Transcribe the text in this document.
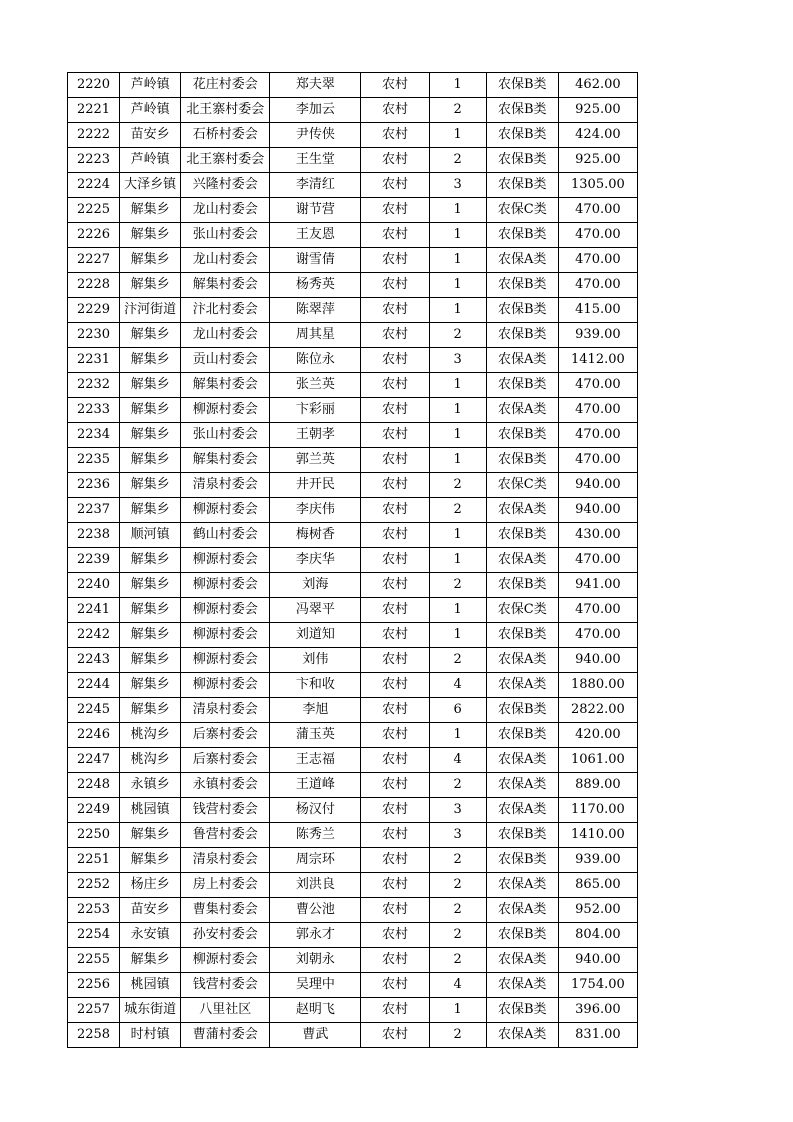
2220	芦岭镇	花庄村委会	郑夫翠	农村	1	农保B类	462.00
2221	芦岭镇	北王寨村委会	李加云	农村	2	农保B类	925.00
2222	苗安乡	石桥村委会	尹传侠	农村	1	农保B类	424.00
2223	芦岭镇	北王寨村委会	王生堂	农村	2	农保B类	925.00
2224	大泽乡镇	兴隆村委会	李清红	农村	3	农保B类	1305.00
2225	解集乡	龙山村委会	谢节营	农村	1	农保C类	470.00
2226	解集乡	张山村委会	王友恩	农村	1	农保B类	470.00
2227	解集乡	龙山村委会	谢雪倩	农村	1	农保A类	470.00
2228	解集乡	解集村委会	杨秀英	农村	1	农保B类	470.00
2229	汴河街道	汴北村委会	陈翠萍	农村	1	农保B类	415.00
2230	解集乡	龙山村委会	周其星	农村	2	农保B类	939.00
2231	解集乡	贡山村委会	陈位永	农村	3	农保A类	1412.00
2232	解集乡	解集村委会	张兰英	农村	1	农保B类	470.00
2233	解集乡	柳源村委会	卞彩丽	农村	1	农保A类	470.00
2234	解集乡	张山村委会	王朝孝	农村	1	农保B类	470.00
2235	解集乡	解集村委会	郭兰英	农村	1	农保B类	470.00
2236	解集乡	清泉村委会	井开民	农村	2	农保C类	940.00
2237	解集乡	柳源村委会	李庆伟	农村	2	农保A类	940.00
2238	顺河镇	鹤山村委会	梅树香	农村	1	农保B类	430.00
2239	解集乡	柳源村委会	李庆华	农村	1	农保A类	470.00
2240	解集乡	柳源村委会	刘海	农村	2	农保B类	941.00
2241	解集乡	柳源村委会	冯翠平	农村	1	农保C类	470.00
2242	解集乡	柳源村委会	刘道知	农村	1	农保B类	470.00
2243	解集乡	柳源村委会	刘伟	农村	2	农保A类	940.00
2244	解集乡	柳源村委会	卞和收	农村	4	农保A类	1880.00
2245	解集乡	清泉村委会	李旭	农村	6	农保B类	2822.00
2246	桃沟乡	后寨村委会	蒲玉英	农村	1	农保B类	420.00
2247	桃沟乡	后寨村委会	王志福	农村	4	农保A类	1061.00
2248	永镇乡	永镇村委会	王道峰	农村	2	农保A类	889.00
2249	桃园镇	钱营村委会	杨汉付	农村	3	农保A类	1170.00
2250	解集乡	鲁营村委会	陈秀兰	农村	3	农保B类	1410.00
2251	解集乡	清泉村委会	周宗环	农村	2	农保B类	939.00
2252	杨庄乡	房上村委会	刘洪良	农村	2	农保A类	865.00
2253	苗安乡	曹集村委会	曹公池	农村	2	农保A类	952.00
2254	永安镇	孙安村委会	郭永才	农村	2	农保B类	804.00
2255	解集乡	柳源村委会	刘朝永	农村	2	农保A类	940.00
2256	桃园镇	钱营村委会	吴理中	农村	4	农保A类	1754.00
2257	城东街道	八里社区	赵明飞	农村	1	农保B类	396.00
2258	时村镇	曹蒲村委会	曹武	农村	2	农保A类	831.00
